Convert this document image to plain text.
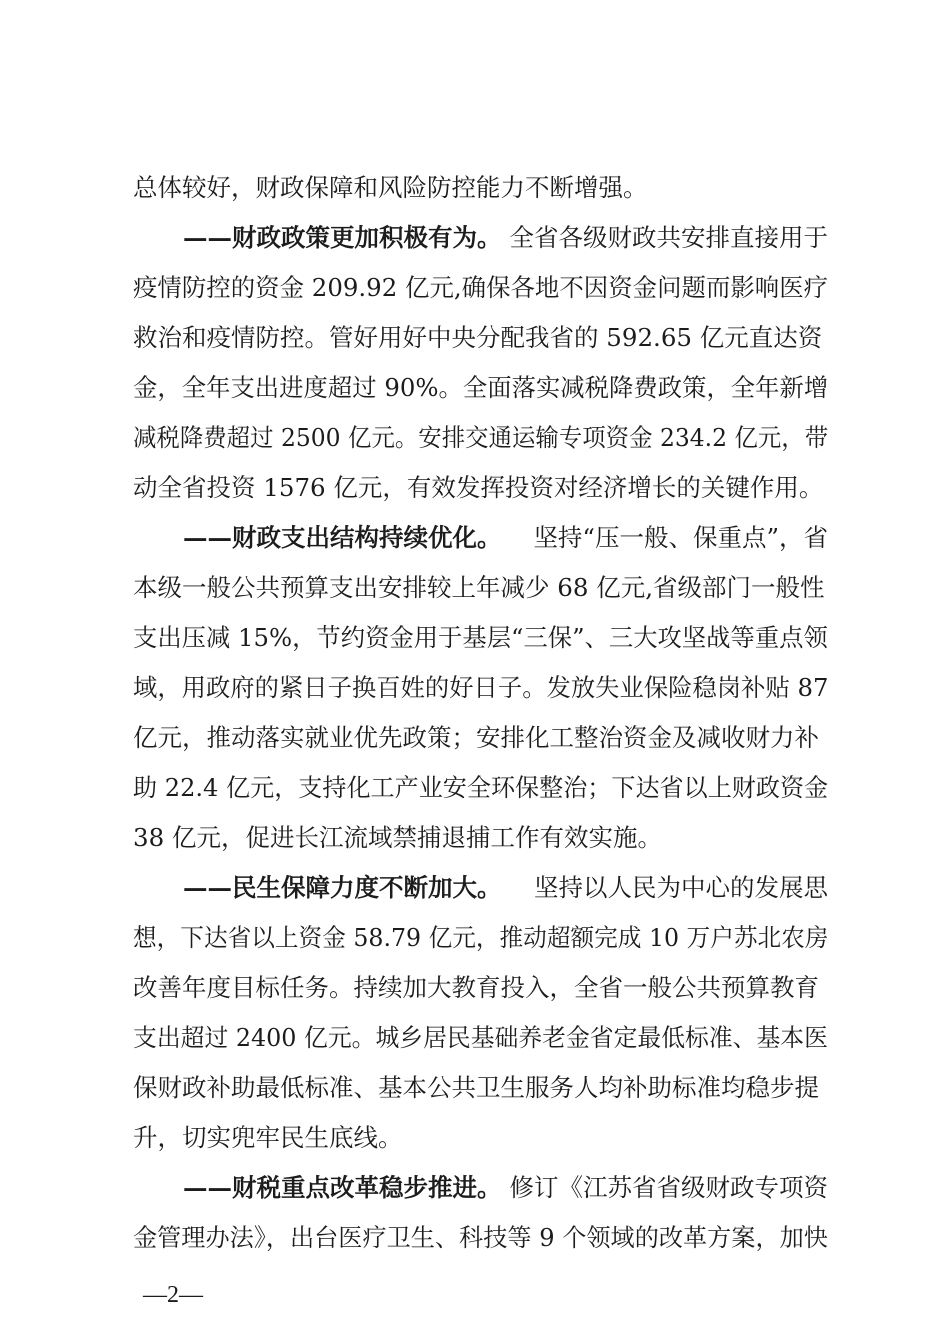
总体较好，财政保障和风险防控能力不断增强。
——财政政策更加积极有为。 全省各级财政共安排直接用于
疫情防控的资金 209.92 亿元,确保各地不因资金问题而影响医疗
救治和疫情防控。管好用好中央分配我省的 592.65 亿元直达资
金，全年支出进度超过 90%。全面落实减税降费政策，全年新增
减税降费超过 2500 亿元。安排交通运输专项资金 234.2 亿元，带
动全省投资 1576 亿元，有效发挥投资对经济增长的关键作用。
——财政支出结构持续优化。 坚持“压一般、保重点”，省
本级一般公共预算支出安排较上年减少 68 亿元,省级部门一般性
支出压减 15%，节约资金用于基层“三保”、三大攻坚战等重点领
域，用政府的紧日子换百姓的好日子。发放失业保险稳岗补贴 87
亿元，推动落实就业优先政策；安排化工整治资金及减收财力补
助 22.4 亿元，支持化工产业安全环保整治；下达省以上财政资金
38 亿元，促进长江流域禁捕退捕工作有效实施。
——民生保障力度不断加大。 坚持以人民为中心的发展思
想，下达省以上资金 58.79 亿元，推动超额完成 10 万户苏北农房
改善年度目标任务。持续加大教育投入，全省一般公共预算教育
支出超过 2400 亿元。城乡居民基础养老金省定最低标准、基本医
保财政补助最低标准、基本公共卫生服务人均补助标准均稳步提
升，切实兜牢民生底线。
——财税重点改革稳步推进。 修订《江苏省省级财政专项资
金管理办法》，出台医疗卫生、科技等 9 个领域的改革方案，加快
—2—
